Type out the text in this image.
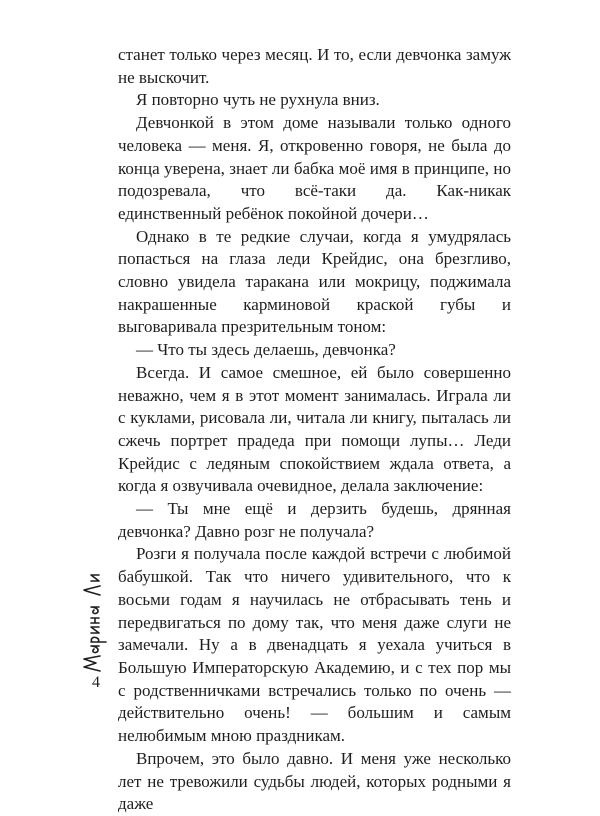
станет только через месяц. И то, если девчонка замуж не выскочит.

Я повторно чуть не рухнула вниз.

Девчонкой в этом доме называли только одного человека — меня. Я, откровенно говоря, не была до конца уверена, знает ли бабка моё имя в принципе, но подозревала, что всё-таки да. Как-никак единственный ребёнок покойной дочери…

Однако в те редкие случаи, когда я умудрялась попасться на глаза леди Крейдис, она брезгливо, словно увидела таракана или мокрицу, поджимала накрашенные карминовой краской губы и выговаривала презрительным тоном:

— Что ты здесь делаешь, девчонка?

Всегда. И самое смешное, ей было совершенно неважно, чем я в этот момент занималась. Играла ли с куклами, рисовала ли, читала ли книгу, пыталась ли сжечь портрет прадеда при помощи лупы… Леди Крейдис с ледяным спокойствием ждала ответа, а когда я озвучивала очевидное, делала заключение:

— Ты мне ещё и дерзить будешь, дрянная девчонка? Давно розг не получала?

Розги я получала после каждой встречи с любимой бабушкой. Так что ничего удивительного, что к восьми годам я научилась не отбрасывать тень и передвигаться по дому так, что меня даже слуги не замечали. Ну а в двенадцать я уехала учиться в Большую Императорскую Академию, и с тех пор мы с родственничками встречались только по очень — действительно очень! — большим и самым нелюбимым мною праздникам.

Впрочем, это было давно. И меня уже несколько лет не тревожили судьбы людей, которых родными я даже

4
